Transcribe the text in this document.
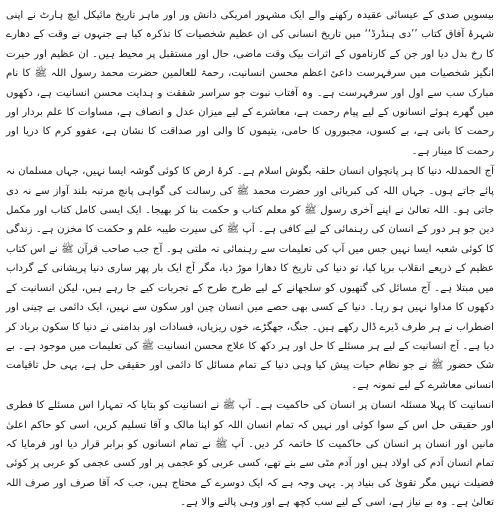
بیسویں صدی کے عیسائی عقیدہ رکھنے والے ایک مشہور امریکی دانش ور اور ماہر تاریخ مائیکل ایچ ہارٹ نے اپنی شہرۂ آفاق کتاب ’’دی ہنڈرڈ‘‘ میں تاریخ انسانی کی ان عظیم شخصیات کا تذکرہ کیا ہے جنہوں نے وقت کے دھارے کا رخ بدل دیا اور جن کے کارناموں کے اثرات بیک وقت ماضی، حال اور مستقبل پر محیط ہیں۔ ان عظیم اور حیرت انگیز شخصیات میں سرفہرست داعیٔ اعظم محسن انسانیت، رحمۃ للعالمین حضرت محمد رسول اللہ ﷺ کا نام مبارک سب سے اول اور سرفہرست ہے۔ وہ آفتاب نبوت جو سراسر شفقت و ہدایت محسن انسانیت ہے، دکھوں میں گھرے ہوئے انسانوں کے لیے پیام رحمت ہے، معاشرے کے لیے میزان عدل و انصاف ہے، مساوات کا علم بردار اور رحمت کا بانی ہے، بے کسوں، مجبوروں کا حامی، یتیموں کا والی اور صداقت کا نشان ہے، عفوو کرم کا دریا اور رحمت کا مینار ہے۔

آج الحمدللہ دنیا کا ہر پانچواں انسان حلقہ بگوش اسلام ہے۔ کرۂ ارض کا کوئی گوشہ ایسا نہیں، جہاں مسلمان نہ پائے جاتے ہوں۔ جہاں اللہ کی کبریائی اور حضرت محمد ﷺ کی رسالت کی گواہی پانچ مرتبہ بلند آواز سے نہ دی جاتی ہو۔ اللہ تعالیٰ نے اپنے آخری رسول ﷺ کو معلم کتاب و حکمت بنا کر بھیجا۔ ایک ایسی کامل کتاب اور مکمل دین جو ہر دور کے انسان کی رہنمائی کے لیے کافی ہے۔ آپ ﷺ کی سیرت طیبہ علم و حکمت کا مخزن ہے۔ زندگی کا کوئی شعبہ ایسا نہیں جس میں آپ کی تعلیمات سے رہنمائی نہ ملتی ہو۔ آج جب صاحب قرآن ﷺ نے اس کتاب عظیم کے ذریعے انقلاب برپا کیا، تو دنیا کی تاریخ کا دھارا موڑ دیا، مگر آج ایک بار پھر ساری دنیا پریشانی کے گرداب میں مبتلا ہے۔ آج مسائل کی گتھیوں کو سلجھانے کے لیے طرح طرح کے تجربات کیے جا رہے ہیں، لیکن انسانیت کے دکھوں کا مداوا نہیں ہو رہا۔ دنیا کے کسی بھی حصے میں انسان چین اور سکون سے نہیں، ایک دائمی بے چینی اور اضطراب نے ہر طرف ڈیرے ڈال رکھے ہیں۔ جنگ، جھگڑے، خوں ریزیاں، فسادات اور بدامنی نے دنیا کا سکون برباد کر دیا ہے۔ آج انسانیت کے لیے ہر مسئلے کا حل اور ہر دکھ کا علاج محسن انسانیت ﷺ کی تعلیمات میں موجود ہے۔ بے شک حضور ﷺ نے جو نظام حیات پیش کیا وہی دنیا کے تمام مسائل کا دائمی اور حقیقی حل ہے، یہی حل تاقیامت انسانی معاشرے کے لیے نمونہ ہے۔

انسانیت کا پہلا مسئلہ انسان پر انسان کی حاکمیت ہے۔ آپ ﷺ نے انسانیت کو بتایا کہ تمہارا اس مسئلے کا فطری اور حقیقی حل اس کے سوا کوئی اور نہیں کہ تمام انسان اللہ کو اپنا مالک و آقا تسلیم کریں، اسی کو حاکم اعلیٰ مانیں اور انسان پر انسان کی حاکمیت کا خاتمہ کر دیں۔ آپ ﷺ نے تمام انسانوں کو برابر قرار دیا اور فرمایا کہ تمام انسان آدم کی اولاد ہیں اور آدم مٹی سے بنے تھے، کسی عربی کو عجمی پر اور کسی عجمی کو عربی پر کوئی فضیلت نہیں مگر تقویٰ کی بنیاد پر۔ یہی وجہ ہے کہ ایک دوسرے کے محتاج ہیں، جب کہ آقا صرف اور صرف اللہ تعالیٰ ہے۔ وہ بے نیاز ہے، اسی کے لیے سب کچھ ہے اور وہی پالنے والا ہے۔
